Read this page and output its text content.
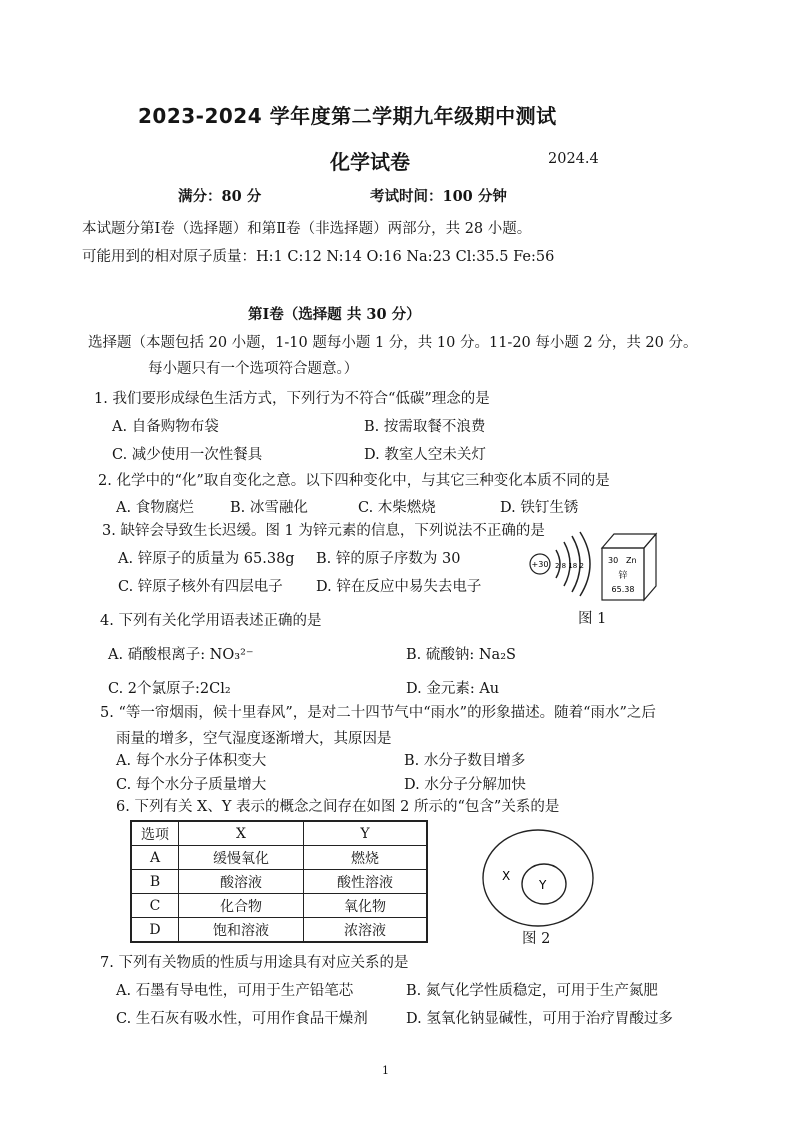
2023-2024 学年度第二学期九年级期中测试
化学试卷	2024.4
满分：80 分	考试时间：100 分钟
本试题分第Ⅰ卷（选择题）和第Ⅱ卷（非选择题）两部分，共 28 小题。
可能用到的相对原子质量：H:1 C:12 N:14 O:16 Na:23 Cl:35.5 Fe:56
第Ⅰ卷（选择题 共 30 分）
选择题（本题包括 20 小题，1-10 题每小题 1 分，共 10 分。11-20 每小题 2 分，共 20 分。
每小题只有一个选项符合题意。）
1. 我们要形成绿色生活方式，下列行为不符合“低碳”理念的是
A. 自备购物布袋	B. 按需取餐不浪费
C. 减少使用一次性餐具	D. 教室人空未关灯
2. 化学中的“化”取自变化之意。以下四种变化中，与其它三种变化本质不同的是
A. 食物腐烂	B. 冰雪融化	C. 木柴燃烧	D. 铁钉生锈
3. 缺锌会导致生长迟缓。图 1 为锌元素的信息，下列说法不正确的是
A. 锌原子的质量为 65.38g B. 锌的原子序数为 30
C. 锌原子核外有四层电子 D. 锌在反应中易失去电子
+30 2 8 18 2
30 Zn
锌
65.38
图 1
4. 下列有关化学用语表述正确的是
A. 硝酸根离子: NO₃²⁻	B. 硫酸钠: Na₂S
C. 2个氯原子:2Cl₂	D. 金元素: Au
5. “等一帘烟雨，候十里春风”，是对二十四节气中“雨水”的形象描述。随着“雨水”之后
雨量的增多，空气湿度逐渐增大，其原因是
A. 每个水分子体积变大	B. 水分子数目增多
C. 每个水分子质量增大	D. 水分子分解加快
6. 下列有关 X、Y 表示的概念之间存在如图 2 所示的“包含”关系的是
选项	X	Y
A	缓慢氧化	燃烧
B	酸溶液	酸性溶液
C	化合物	氧化物
D	饱和溶液	浓溶液
X
Y
图 2
7. 下列有关物质的性质与用途具有对应关系的是
A. 石墨有导电性，可用于生产铅笔芯	B. 氮气化学性质稳定，可用于生产氮肥
C. 生石灰有吸水性，可用作食品干燥剂	D. 氢氧化钠显碱性，可用于治疗胃酸过多
1
